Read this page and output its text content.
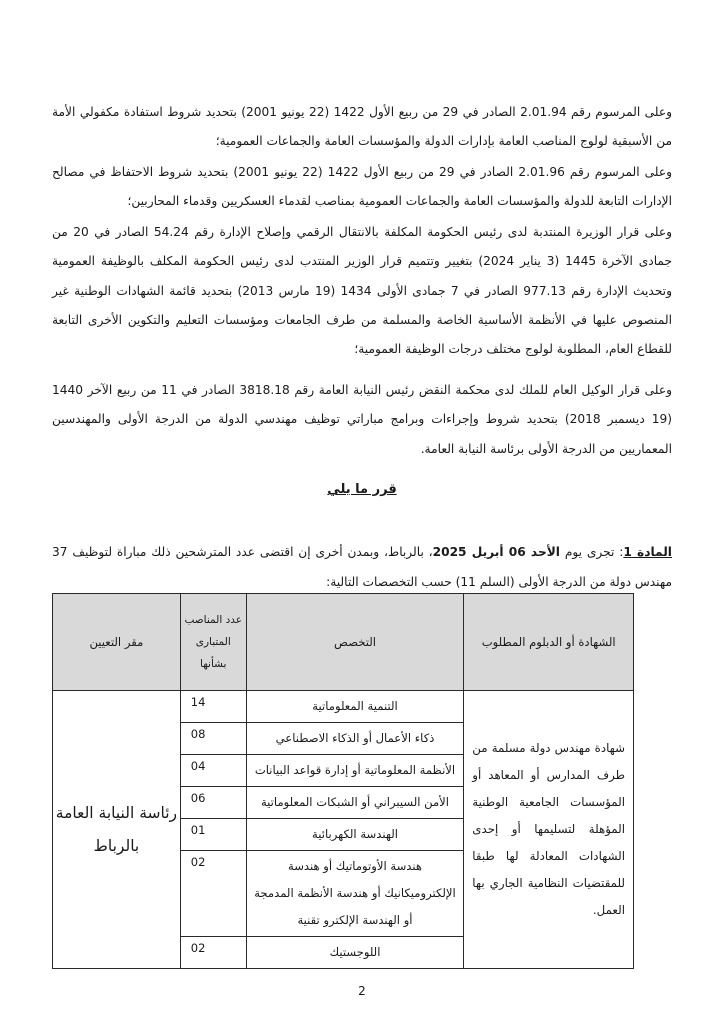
وعلى المرسوم رقم 2.01.94 الصادر في 29 من ربيع الأول 1422 (22 يونيو 2001) بتحديد شروط استفادة مكفولي الأمة من الأسبقية لولوج المناصب العامة بإدارات الدولة والمؤسسات العامة والجماعات العمومية؛

وعلى المرسوم رقم 2.01.96 الصادر في 29 من ربيع الأول 1422 (22 يونيو 2001) بتحديد شروط الاحتفاظ في مصالح الإدارات التابعة للدولة والمؤسسات العامة والجماعات العمومية بمناصب لقدماء العسكريين وقدماء المحاربين؛

وعلى قرار الوزيرة المنتدبة لدى رئيس الحكومة المكلفة بالانتقال الرقمي وإصلاح الإدارة رقم 54.24 الصادر في 20 من جمادى الآخرة 1445 (3 يناير 2024) بتغيير وتتميم قرار الوزير المنتدب لدى رئيس الحكومة المكلف بالوظيفة العمومية وتحديث الإدارة رقم 977.13 الصادر في 7 جمادى الأولى 1434 (19 مارس 2013) بتحديد قائمة الشهادات الوطنية غير المنصوص عليها في الأنظمة الأساسية الخاصة والمسلمة من طرف الجامعات ومؤسسات التعليم والتكوين الأخرى التابعة للقطاع العام، المطلوبة لولوج مختلف درجات الوظيفة العمومية؛

وعلى قرار الوكيل العام للملك لدى محكمة النقض رئيس النيابة العامة رقم 3818.18 الصادر في 11 من ربيع الآخر 1440 (19 ديسمبر 2018) بتحديد شروط وإجراءات وبرامج مباراتي توظيف مهندسي الدولة من الدرجة الأولى والمهندسين المعماريين من الدرجة الأولى برئاسة النيابة العامة.

قرر ما يلي

المادة 1: تجرى يوم الأحد 06 أبريل 2025، بالرباط، وبمدن أخرى إن اقتضى عدد المترشحين ذلك مباراة لتوظيف 37 مهندس دولة من الدرجة الأولى (السلم 11) حسب التخصصات التالية:

الشهادة أو الدبلوم المطلوب	التخصص	عدد المناصب المتبارى بشأنها	مقر التعيين
شهادة مهندس دولة مسلمة من طرف المدارس أو المعاهد أو المؤسسات الجامعية الوطنية المؤهلة لتسليمها أو إحدى الشهادات المعادلة لها طبقا للمقتضيات النظامية الجاري بها العمل.	التنمية المعلوماتية	14	رئاسة النيابة العامة بالرباط
	ذكاء الأعمال أو الذكاء الاصطناعي	08	
	الأنظمة المعلوماتية أو إدارة قواعد البيانات	04	
	الأمن السيبراني أو الشبكات المعلوماتية	06	
	الهندسة الكهربائية	01	
	هندسة الأوتوماتيك أو هندسة الإلكتروميكانيك أو هندسة الأنظمة المدمجة أو الهندسة الإلكترو تقنية	02	
	اللوجستيك	02	
2
